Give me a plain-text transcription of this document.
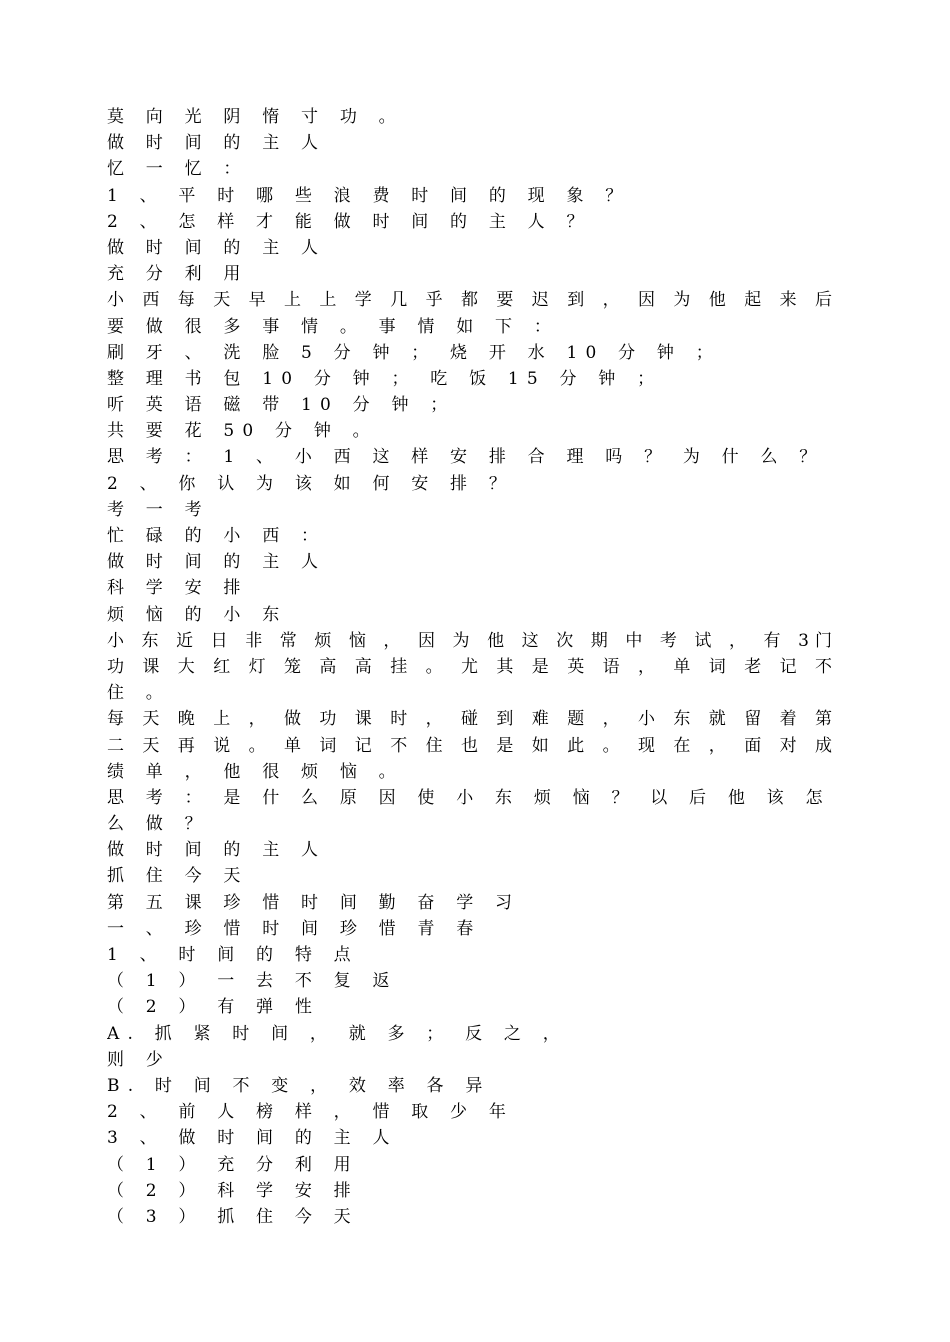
莫 向 光 阴 惰 寸 功 。
做 时 间 的 主 人
忆 一 忆 ：
1 、 平 时 哪 些 浪 费 时 间 的 现 象 ？
2 、 怎 样 才 能 做 时 间 的 主 人 ？
做 时 间 的 主 人
充 分 利 用
小 西 每 天 早 上 上 学 几 乎 都 要 迟 到 ， 因 为 他 起 来 后
要 做 很 多 事 情 。 事 情 如 下 ：
刷 牙 、 洗 脸 5 分 钟 ； 烧 开 水 10 分 钟 ；
整 理 书 包 10 分 钟 ； 吃 饭 15 分 钟 ；
听 英 语 磁 带 10 分 钟 ；
共 要 花 50 分 钟 。
思 考 ： 1 、 小 西 这 样 安 排 合 理 吗 ？ 为 什 么 ？
2 、 你 认 为 该 如 何 安 排 ？
考 一 考
忙 碌 的 小 西 ：
做 时 间 的 主 人
科 学 安 排
烦 恼 的 小 东
小 东 近 日 非 常 烦 恼 ， 因 为 他 这 次 期 中 考 试 ， 有 3门
功 课 大 红 灯 笼 高 高 挂 。 尤 其 是 英 语 ， 单 词 老 记 不
住 。
每 天 晚 上 ， 做 功 课 时 ， 碰 到 难 题 ， 小 东 就 留 着 第
二 天 再 说 。 单 词 记 不 住 也 是 如 此 。 现 在 ， 面 对 成
绩 单 ， 他 很 烦 恼 。
思 考 ： 是 什 么 原 因 使 小 东 烦 恼 ？ 以 后 他 该 怎
么 做 ？
做 时 间 的 主 人
抓 住 今 天
第 五 课 珍 惜 时 间 勤 奋 学 习
一 、 珍 惜 时 间 珍 惜 青 春
1 、 时 间 的 特 点
（ 1 ） 一 去 不 复 返
（ 2 ） 有 弹 性
A. 抓 紧 时 间 ， 就 多 ； 反 之 ，
则 少
B. 时 间 不 变 ， 效 率 各 异
2 、 前 人 榜 样 ， 惜 取 少 年
3 、 做 时 间 的 主 人
（ 1 ） 充 分 利 用
（ 2 ） 科 学 安 排
（ 3 ） 抓 住 今 天
